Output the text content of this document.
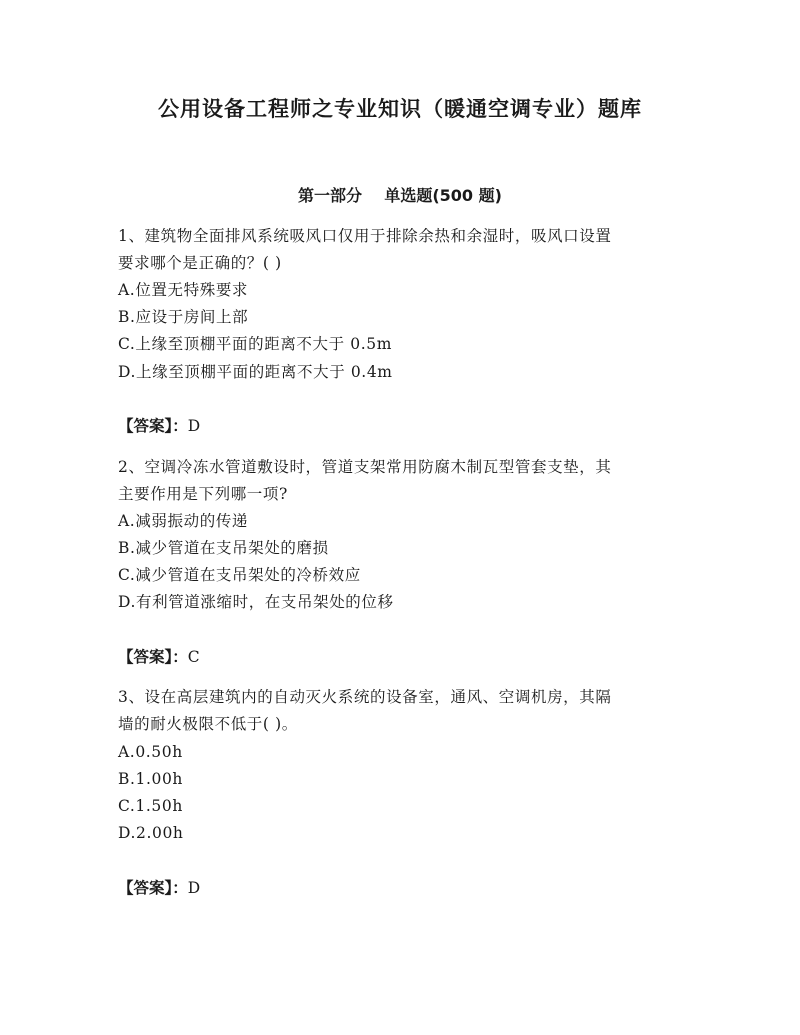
公用设备工程师之专业知识（暖通空调专业）题库
第一部分    单选题(500 题)
1、建筑物全面排风系统吸风口仅用于排除余热和余湿时，吸风口设置
要求哪个是正确的？( )
A.位置无特殊要求
B.应设于房间上部
C.上缘至顶棚平面的距离不大于 0.5m
D.上缘至顶棚平面的距离不大于 0.4m
【答案】：D
2、空调冷冻水管道敷设时，管道支架常用防腐木制瓦型管套支垫，其
主要作用是下列哪一项?
A.减弱振动的传递
B.减少管道在支吊架处的磨损
C.减少管道在支吊架处的冷桥效应
D.有利管道涨缩时，在支吊架处的位移
【答案】：C
3、设在高层建筑内的自动灭火系统的设备室，通风、空调机房，其隔
墙的耐火极限不低于( )。
A.0.50h
B.1.00h
C.1.50h
D.2.00h
【答案】：D
